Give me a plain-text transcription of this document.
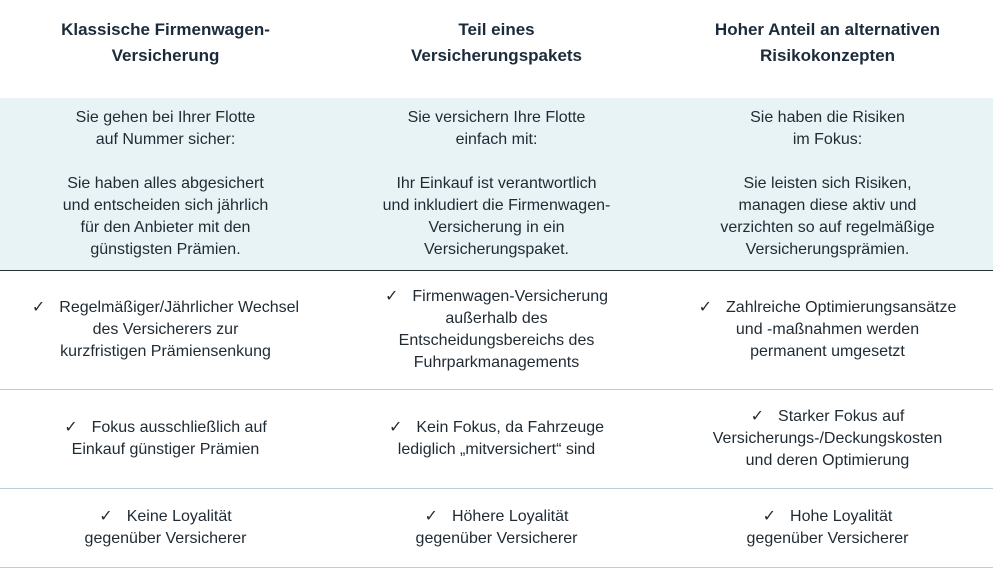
Klassische Firmenwagen-
Versicherung
Teil eines
Versicherungspakets
Hoher Anteil an alternativen
Risikokonzepten
Sie gehen bei Ihrer Flotte
auf Nummer sicher:
Sie haben alles abgesichert
und entscheiden sich jährlich
für den Anbieter mit den
günstigsten Prämien.
Sie versichern Ihre Flotte
einfach mit:
Ihr Einkauf ist verantwortlich
und inkludiert die Firmenwagen-
Versicherung in ein
Versicherungspaket.
Sie haben die Risiken
im Fokus:
Sie leisten sich Risiken,
managen diese aktiv und
verzichten so auf regelmäßige
Versicherungsprämien.
✓ Regelmäßiger/Jährlicher Wechsel
des Versicherers zur
kurzfristigen Prämiensenkung
✓ Firmenwagen-Versicherung
außerhalb des
Entscheidungsbereichs des
Fuhrparkmanagements
✓ Zahlreiche Optimierungsansätze
und -maßnahmen werden
permanent umgesetzt
✓ Fokus ausschließlich auf
Einkauf günstiger Prämien
✓ Kein Fokus, da Fahrzeuge
lediglich „mitversichert“ sind
✓ Starker Fokus auf
Versicherungs-/Deckungskosten
und deren Optimierung
✓ Keine Loyalität
gegenüber Versicherer
✓ Höhere Loyalität
gegenüber Versicherer
✓ Hohe Loyalität
gegenüber Versicherer
